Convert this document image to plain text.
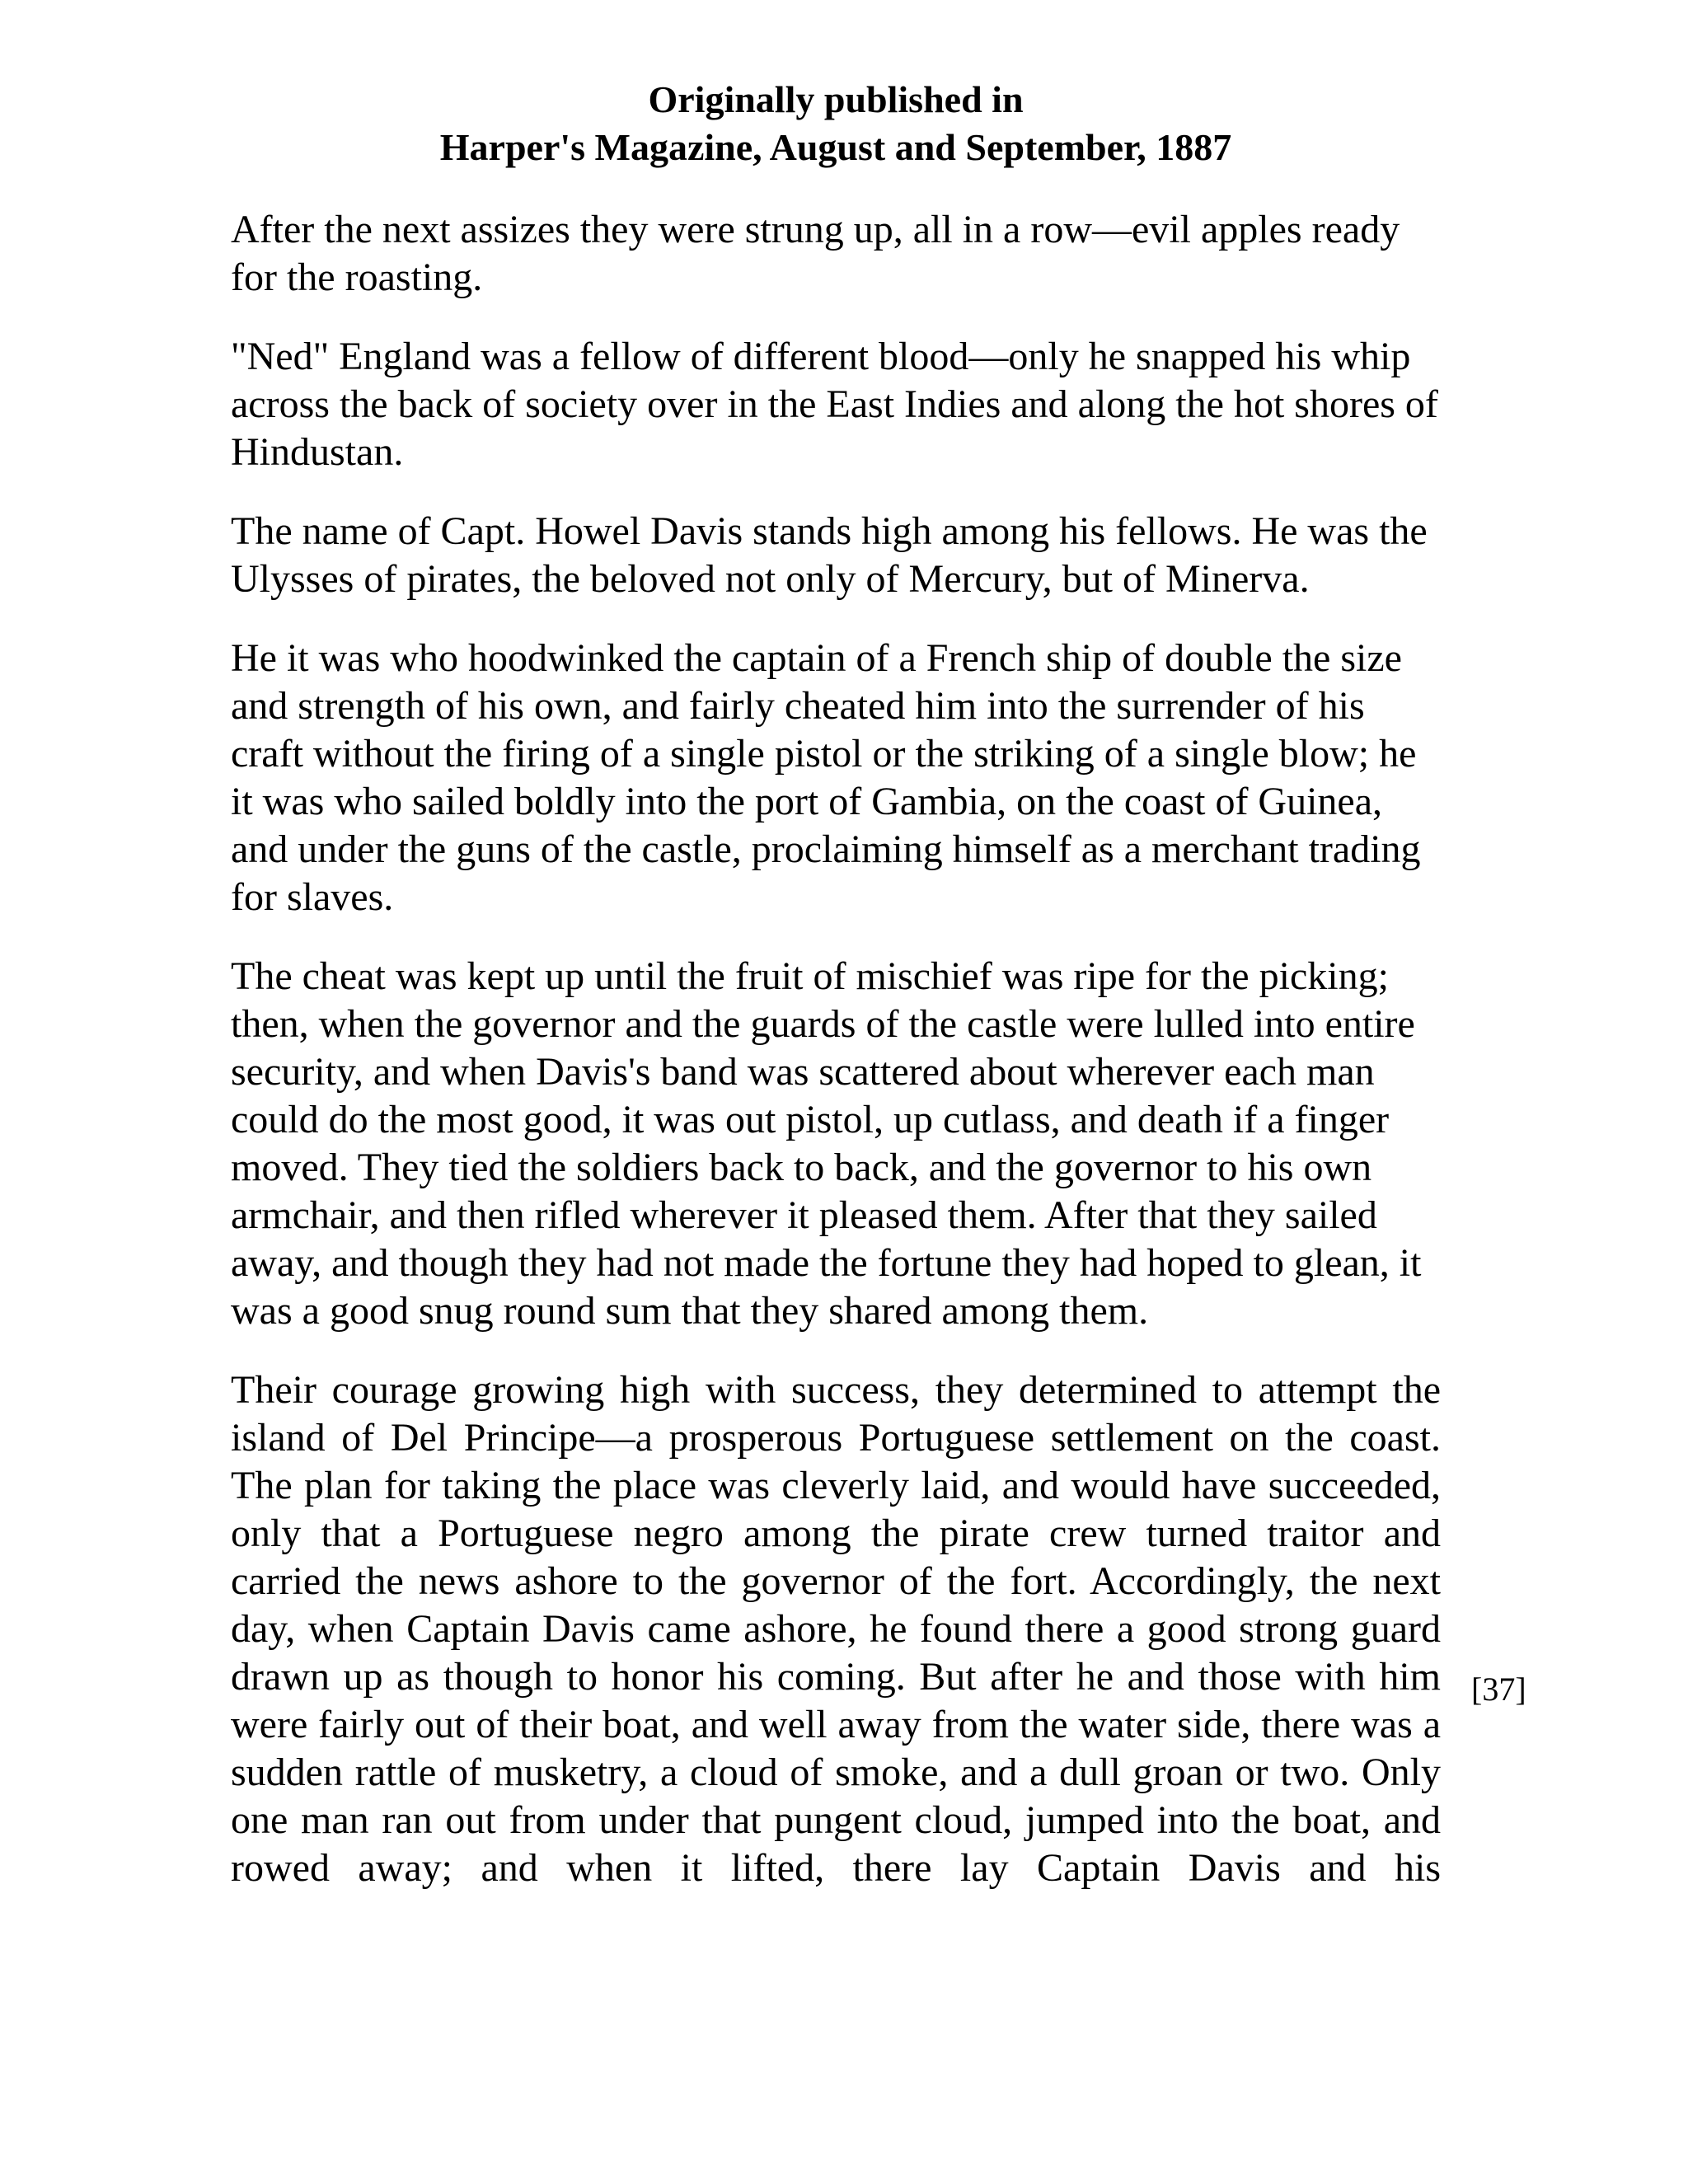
Originally published in
Harper's Magazine, August and September, 1887

After the next assizes they were strung up, all in a row—evil apples ready for the roasting.

"Ned" England was a fellow of different blood—only he snapped his whip across the back of society over in the East Indies and along the hot shores of Hindustan.

The name of Capt. Howel Davis stands high among his fellows. He was the Ulysses of pirates, the beloved not only of Mercury, but of Minerva.

He it was who hoodwinked the captain of a French ship of double the size and strength of his own, and fairly cheated him into the surrender of his craft without the firing of a single pistol or the striking of a single blow; he it was who sailed boldly into the port of Gambia, on the coast of Guinea, and under the guns of the castle, proclaiming himself as a merchant trading for slaves.

The cheat was kept up until the fruit of mischief was ripe for the picking; then, when the governor and the guards of the castle were lulled into entire security, and when Davis's band was scattered about wherever each man could do the most good, it was out pistol, up cutlass, and death if a finger moved. They tied the soldiers back to back, and the governor to his own armchair, and then rifled wherever it pleased them. After that they sailed away, and though they had not made the fortune they had hoped to glean, it was a good snug round sum that they shared among them.

Their courage growing high with success, they determined to attempt the island of Del Principe—a prosperous Portuguese settlement on the coast. The plan for taking the place was cleverly laid, and would have succeeded, only that a Portuguese negro among the pirate crew turned traitor and carried the news ashore to the governor of the fort. Accordingly, the next day, when Captain Davis came ashore, he found there a good strong guard drawn up as though to honor his coming. But after he and those with him were fairly out of their boat, and well away from the water side, there was a sudden rattle of musketry, a cloud of smoke, and a dull groan or two. Only one man ran out from under that pungent cloud, jumped into the boat, and rowed away; and when it lifted, there lay Captain Davis and his

[37]
